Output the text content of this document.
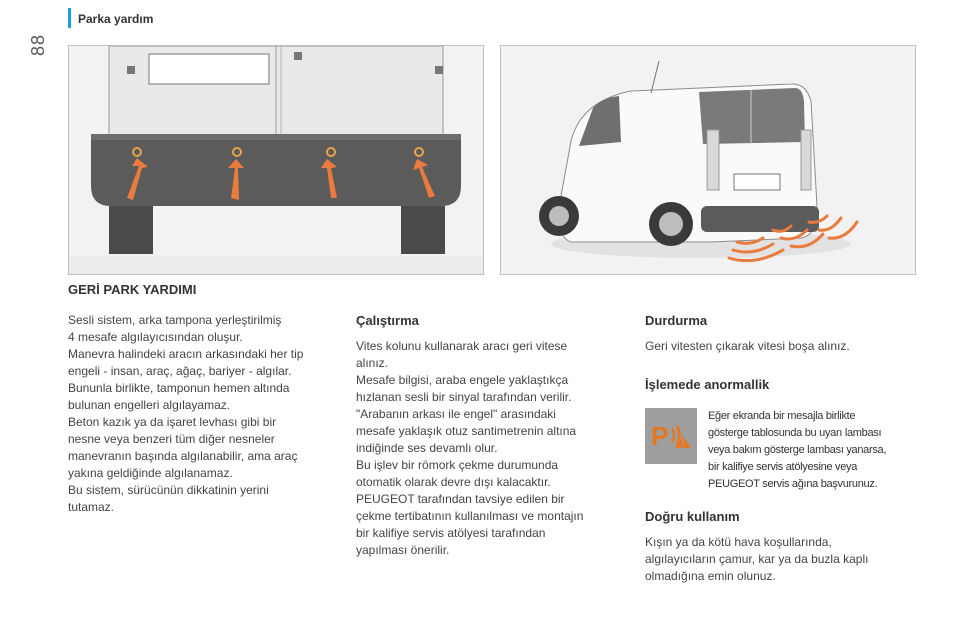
Parka yardım
88
GERİ PARK YARDIMI

Sesli sistem, arka tampona yerleştirilmiş

4 mesafe algılayıcısından oluşur.

Manevra halindeki aracın arkasındaki her tip

engeli - insan, araç, ağaç, bariyer - algılar.

Bununla birlikte, tamponun hemen altında

bulunan engelleri algılayamaz.

Beton kazık ya da işaret levhası gibi bir

nesne veya benzeri tüm diğer nesneler

manevranın başında algılanabilir, ama araç

yakına geldiğinde algılanamaz.

Bu sistem, sürücünün dikkatinin yerini

tutamaz.

Çalıştırma

Vites kolunu kullanarak aracı geri vitese

alınız.

Mesafe bilgisi, araba engele yaklaştıkça

hızlanan sesli bir sinyal tarafından verilir.

"Arabanın arkası ile engel" arasındaki

mesafe yaklaşık otuz santimetrenin altına

indiğinde ses devamlı olur.

Bu işlev bir römork çekme durumunda

otomatik olarak devre dışı kalacaktır.

PEUGEOT tarafından tavsiye edilen bir

çekme tertibatının kullanılması ve montajın

bir kalifiye servis atölyesi tarafından

yapılması önerilir.

Durdurma

Geri vitesten çıkarak vitesi boşa alınız.

İşlemede anormallik
P
Eğer ekranda bir mesajla birlikte
gösterge tablosunda bu uyarı lambası
veya bakım gösterge lambası yanarsa,
bir kalifiye servis atölyesine veya
PEUGEOT servis ağına başvurunuz.
Doğru kullanım

Kışın ya da kötü hava koşullarında,

algılayıcıların çamur, kar ya da buzla kaplı

olmadığına emin olunuz.
